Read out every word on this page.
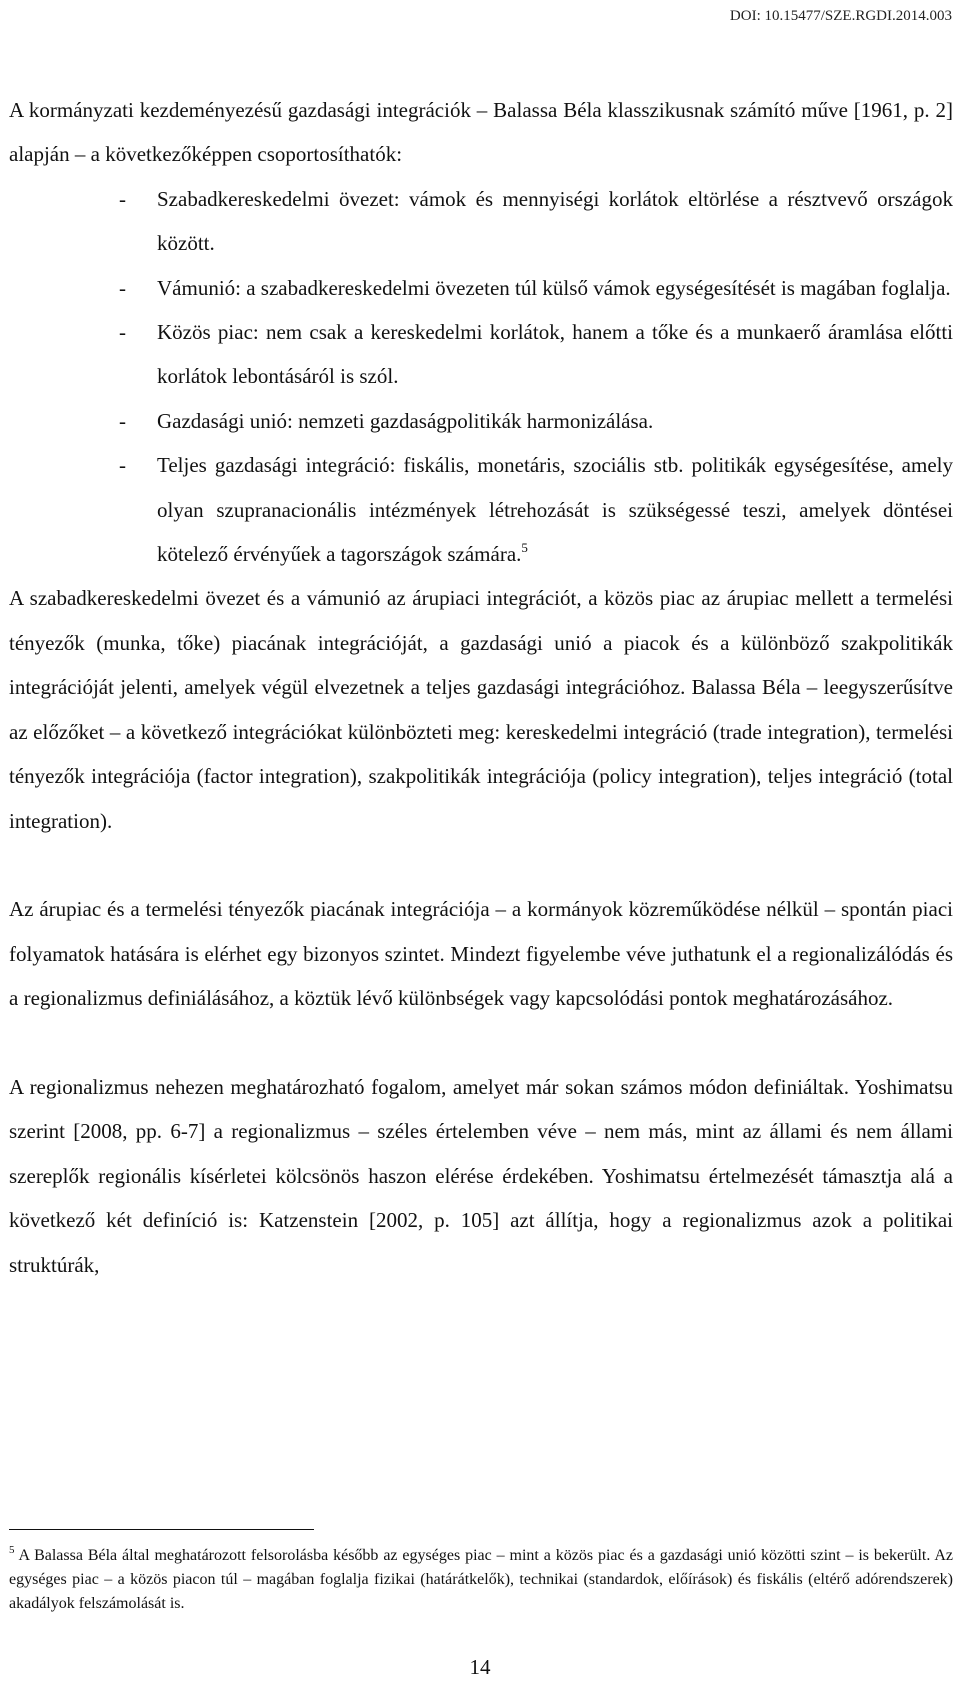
DOI: 10.15477/SZE.RGDI.2014.003

A kormányzati kezdeményezésű gazdasági integrációk – Balassa Béla klasszikusnak számító műve [1961, p. 2] alapján – a következőképpen csoportosíthatók:

-	Szabadkereskedelmi övezet: vámok és mennyiségi korlátok eltörlése a résztvevő országok között.
-	Vámunió: a szabadkereskedelmi övezeten túl külső vámok egységesítését is magában foglalja.
-	Közös piac: nem csak a kereskedelmi korlátok, hanem a tőke és a munkaerő áramlása előtti korlátok lebontásáról is szól.
-	Gazdasági unió: nemzeti gazdaságpolitikák harmonizálása.
-	Teljes gazdasági integráció: fiskális, monetáris, szociális stb. politikák egységesítése, amely olyan szupranacionális intézmények létrehozását is szükségessé teszi, amelyek döntései kötelező érvényűek a tagországok számára.$^5$

A szabadkereskedelmi övezet és a vámunió az árupiaci integrációt, a közös piac az árupiac mellett a termelési tényezők (munka, tőke) piacának integrációját, a gazdasági unió a piacok és a különböző szakpolitikák integrációját jelenti, amelyek végül elvezetnek a teljes gazdasági integrációhoz. Balassa Béla – leegyszerűsítve az előzőket – a következő integrációkat különbözteti meg: kereskedelmi integráció (trade integration), termelési tényezők integrációja (factor integration), szakpolitikák integrációja (policy integration), teljes integráció (total integration).

Az árupiac és a termelési tényezők piacának integrációja – a kormányok közreműködése nélkül – spontán piaci folyamatok hatására is elérhet egy bizonyos szintet. Mindezt figyelembe véve juthatunk el a regionalizálódás és a regionalizmus definiálásához, a köztük lévő különbségek vagy kapcsolódási pontok meghatározásához.

A regionalizmus nehezen meghatározható fogalom, amelyet már sokan számos módon definiáltak. Yoshimatsu szerint [2008, pp. 6-7] a regionalizmus – széles értelemben véve – nem más, mint az állami és nem állami szereplők regionális kísérletei kölcsönös haszon elérése érdekében. Yoshimatsu értelmezését támasztja alá a következő két definíció is: Katzenstein [2002, p. 105] azt állítja, hogy a regionalizmus azok a politikai struktúrák,

$^5$ A Balassa Béla által meghatározott felsorolásba később az egységes piac – mint a közös piac és a gazdasági unió közötti szint – is bekerült. Az egységes piac – a közös piacon túl – magában foglalja fizikai (határátkelők), technikai (standardok, előírások) és fiskális (eltérő adórendszerek) akadályok felszámolását is.

14
